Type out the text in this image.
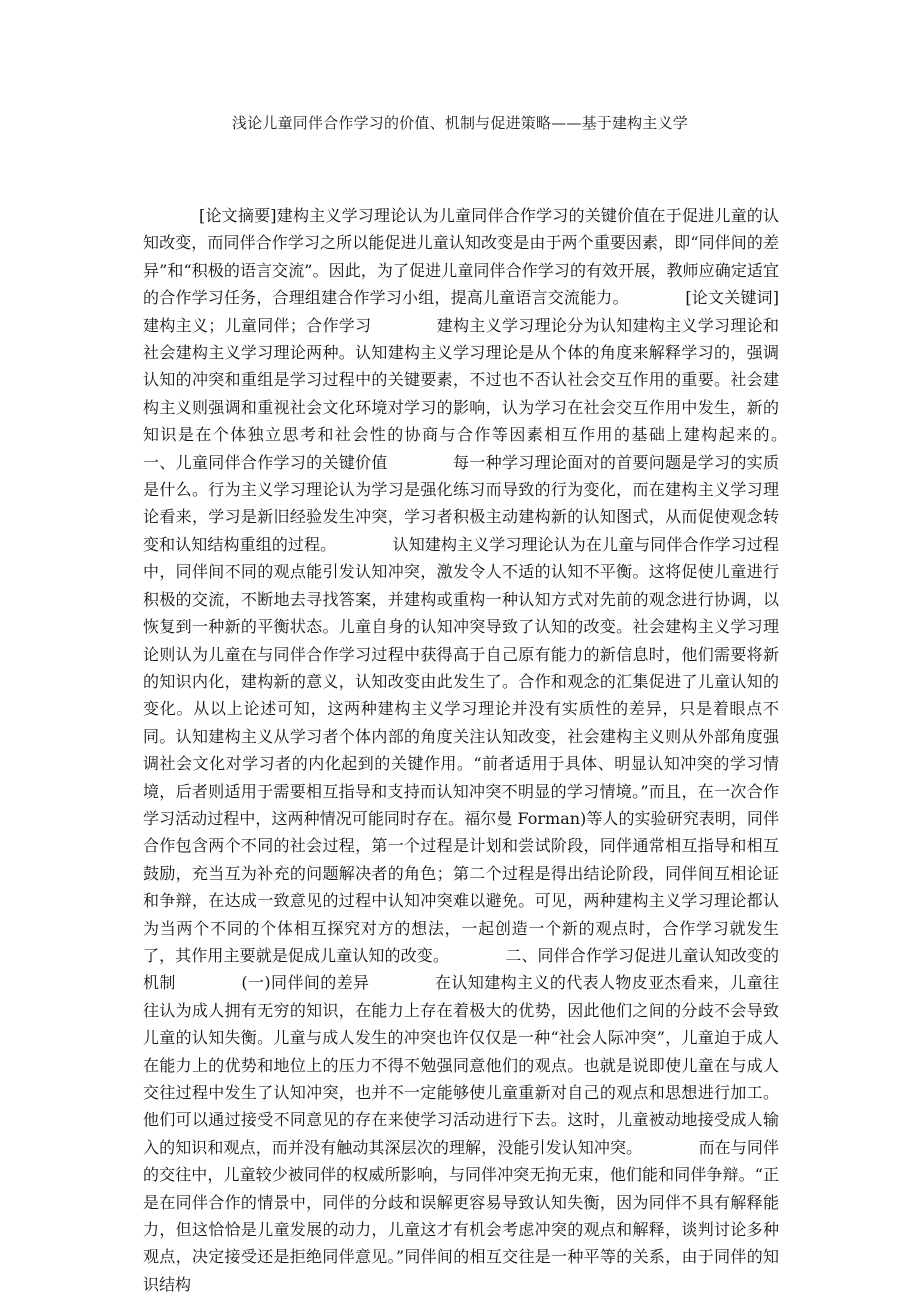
浅论儿童同伴合作学习的价值、机制与促进策略——基于建构主义学

[论文摘要]建构主义学习理论认为儿童同伴合作学习的关键价值在于促进儿童的认知改变，而同伴合作学习之所以能促进儿童认知改变是由于两个重要因素，即“同伴间的差异”和“积极的语言交流”。因此，为了促进儿童同伴合作学习的有效开展，教师应确定适宜的合作学习任务，合理组建合作学习小组，提高儿童语言交流能力。　　　　[论文关键词]建构主义；儿童同伴；合作学习　　　　建构主义学习理论分为认知建构主义学习理论和社会建构主义学习理论两种。认知建构主义学习理论是从个体的角度来解释学习的，强调认知的冲突和重组是学习过程中的关键要素，不过也不否认社会交互作用的重要。社会建构主义则强调和重视社会文化环境对学习的影响，认为学习在社会交互作用中发生，新的知识是在个体独立思考和社会性的协商与合作等因素相互作用的基础上建构起来的。　　　　一、儿童同伴合作学习的关键价值　　　　每一种学习理论面对的首要问题是学习的实质是什么。行为主义学习理论认为学习是强化练习而导致的行为变化，而在建构主义学习理论看来，学习是新旧经验发生冲突，学习者积极主动建构新的认知图式，从而促使观念转变和认知结构重组的过程。　　　　认知建构主义学习理论认为在儿童与同伴合作学习过程中，同伴间不同的观点能引发认知冲突，激发令人不适的认知不平衡。这将促使儿童进行积极的交流，不断地去寻找答案，并建构或重构一种认知方式对先前的观念进行协调，以恢复到一种新的平衡状态。儿童自身的认知冲突导致了认知的改变。社会建构主义学习理论则认为儿童在与同伴合作学习过程中获得高于自己原有能力的新信息时，他们需要将新的知识内化，建构新的意义，认知改变由此发生了。合作和观念的汇集促进了儿童认知的变化。从以上论述可知，这两种建构主义学习理论并没有实质性的差异，只是着眼点不同。认知建构主义从学习者个体内部的角度关注认知改变，社会建构主义则从外部角度强调社会文化对学习者的内化起到的关键作用。“前者适用于具体、明显认知冲突的学习情境，后者则适用于需要相互指导和支持而认知冲突不明显的学习情境。”而且，在一次合作学习活动过程中，这两种情况可能同时存在。福尔曼 Forman)等人的实验研究表明，同伴合作包含两个不同的社会过程，第一个过程是计划和尝试阶段，同伴通常相互指导和相互鼓励，充当互为补充的问题解决者的角色；第二个过程是得出结论阶段，同伴间互相论证和争辩，在达成一致意见的过程中认知冲突难以避免。可见，两种建构主义学习理论都认为当两个不同的个体相互探究对方的想法，一起创造一个新的观点时，合作学习就发生了，其作用主要就是促成儿童认知的改变。　　　　二、同伴合作学习促进儿童认知改变的机制　　　　(一)同伴间的差异　　　　在认知建构主义的代表人物皮亚杰看来，儿童往往认为成人拥有无穷的知识，在能力上存在着极大的优势，因此他们之间的分歧不会导致儿童的认知失衡。儿童与成人发生的冲突也许仅仅是一种“社会人际冲突”，儿童迫于成人在能力上的优势和地位上的压力不得不勉强同意他们的观点。也就是说即使儿童在与成人交往过程中发生了认知冲突，也并不一定能够使儿童重新对自己的观点和思想进行加工。他们可以通过接受不同意见的存在来使学习活动进行下去。这时，儿童被动地接受成人输入的知识和观点，而并没有触动其深层次的理解，没能引发认知冲突。　　　　而在与同伴的交往中，儿童较少被同伴的权威所影响，与同伴冲突无拘无束，他们能和同伴争辩。“正是在同伴合作的情景中，同伴的分歧和误解更容易导致认知失衡，因为同伴不具有解释能力，但这恰恰是儿童发展的动力，儿童这才有机会考虑冲突的观点和解释，谈判讨论多种观点，决定接受还是拒绝同伴意见。”同伴间的相互交往是一种平等的关系，由于同伴的知识结构
